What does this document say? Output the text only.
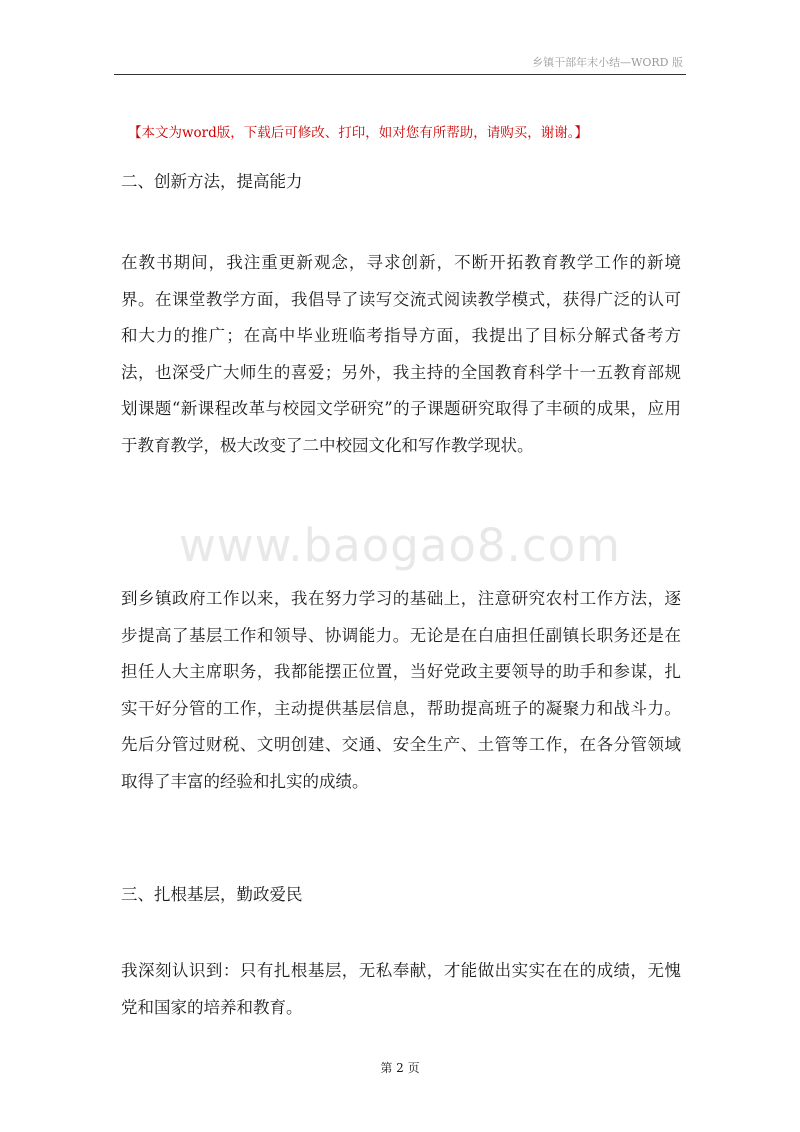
乡镇干部年末小结—WORD 版
【本文为word版，下载后可修改、打印，如对您有所帮助，请购买，谢谢。】
二、创新方法，提高能力

在教书期间，我注重更新观念，寻求创新，不断开拓教育教学工作的新境界。在课堂教学方面，我倡导了读写交流式阅读教学模式，获得广泛的认可和大力的推广；在高中毕业班临考指导方面，我提出了目标分解式备考方法，也深受广大师生的喜爱；另外，我主持的全国教育科学十一五教育部规划课题“新课程改革与校园文学研究”的子课题研究取得了丰硕的成果，应用于教育教学，极大改变了二中校园文化和写作教学现状。

www.baogao8.com

到乡镇政府工作以来，我在努力学习的基础上，注意研究农村工作方法，逐步提高了基层工作和领导、协调能力。无论是在白庙担任副镇长职务还是在 担任人大主席职务，我都能摆正位置，当好党政主要领导的助手和参谋，扎实干好分管的工作，主动提供基层信息，帮助提高班子的凝聚力和战斗力。先后分管过财税、文明创建、交通、安全生产、土管等工作，在各分管领域取得了丰富的经验和扎实的成绩。

三、扎根基层，勤政爱民

我深刻认识到：只有扎根基层，无私奉献，才能做出实实在在的成绩，无愧党和国家的培养和教育。

第 2 页
